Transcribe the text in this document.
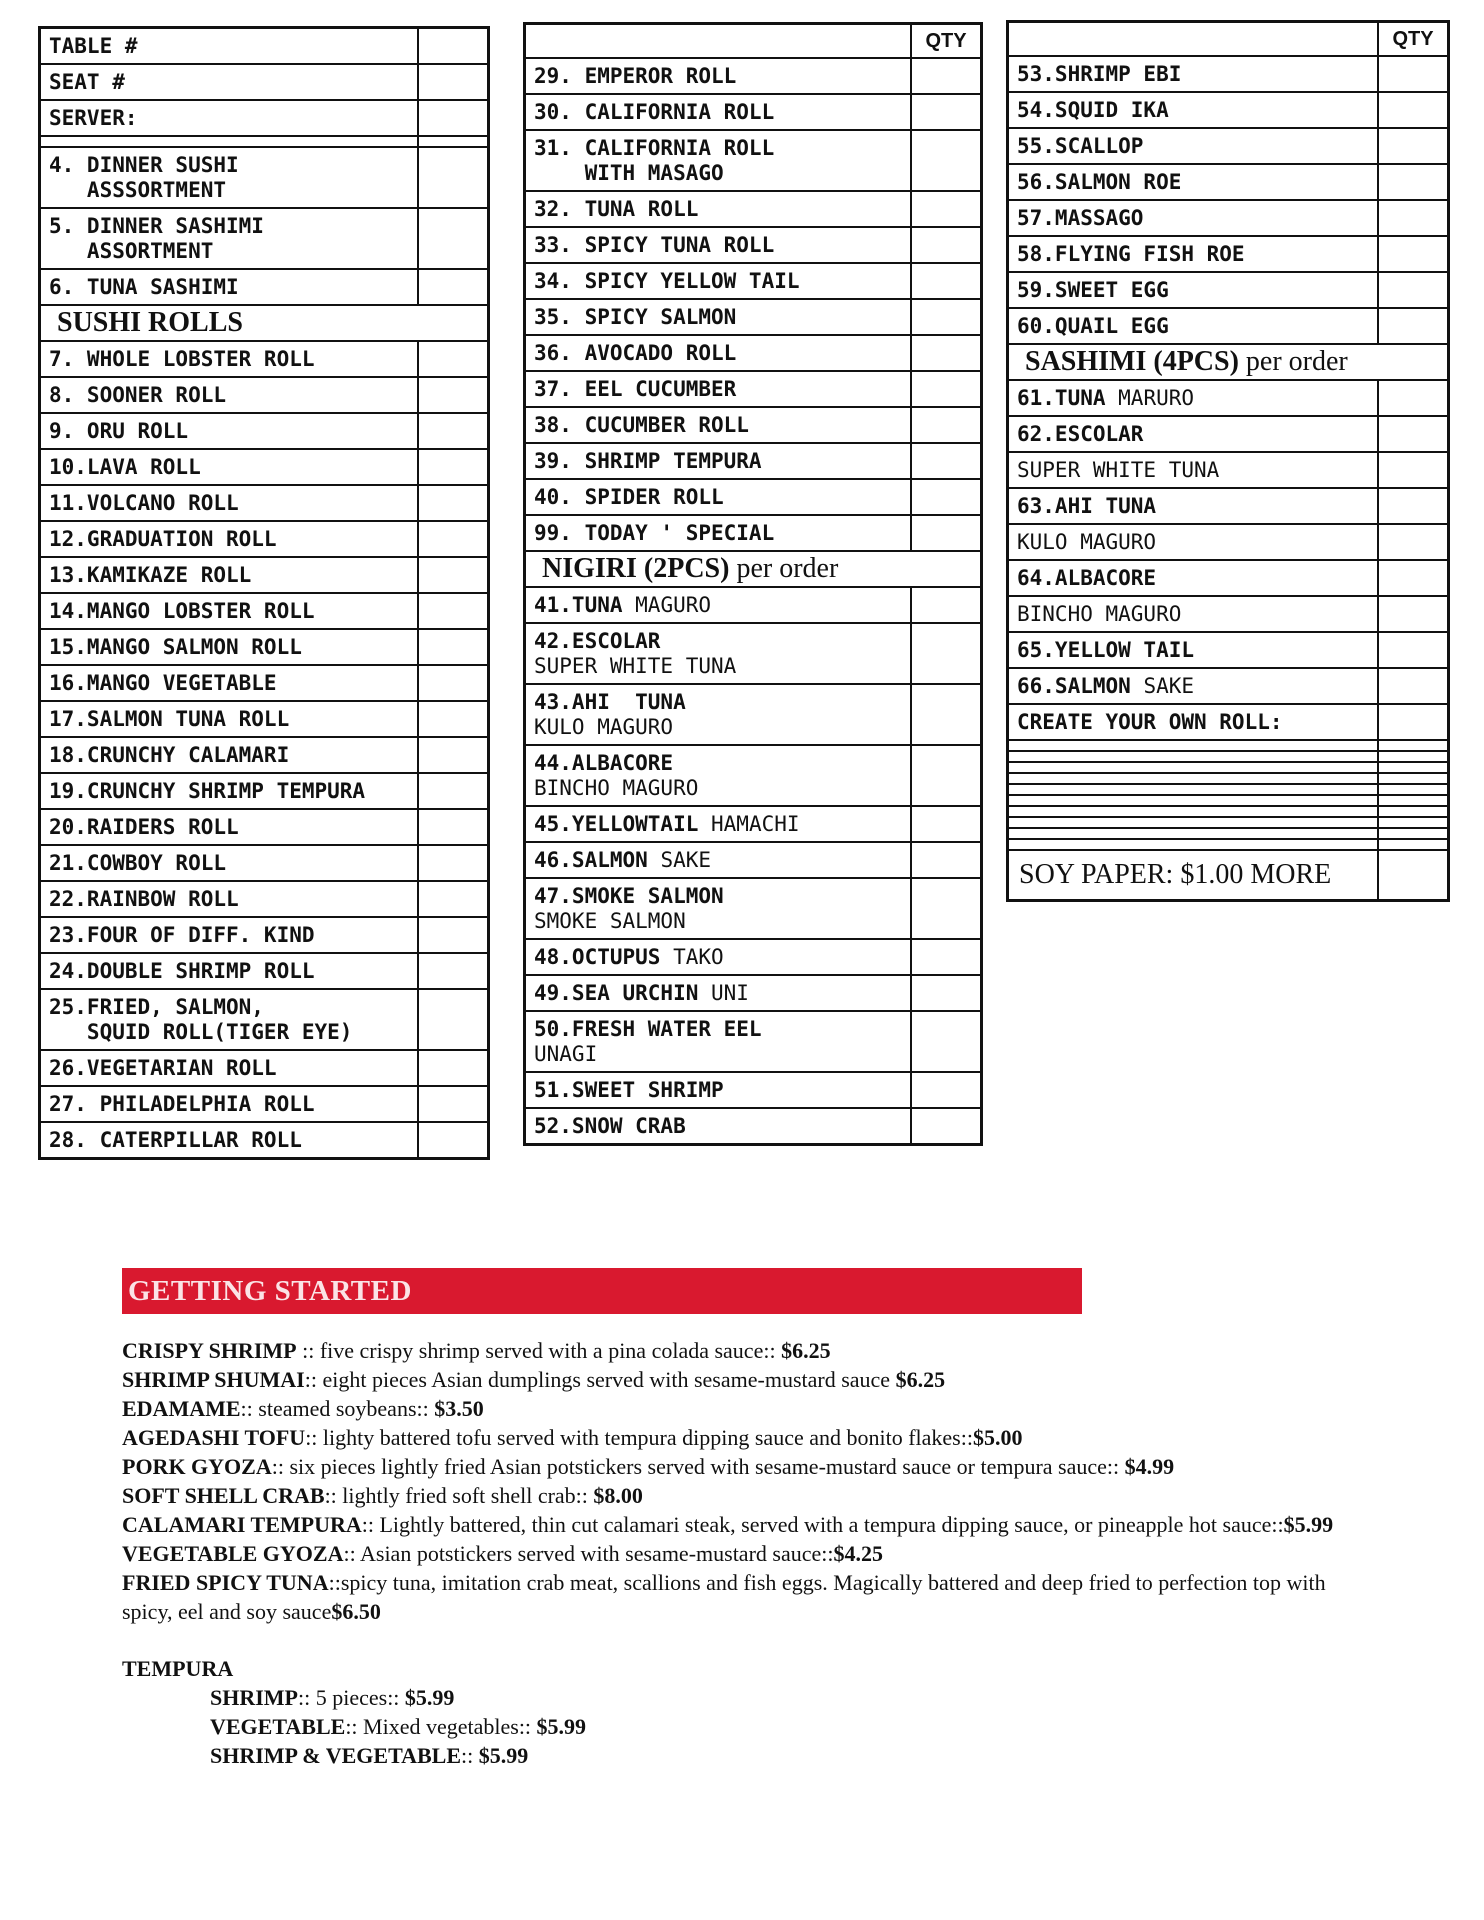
TABLE #
SEAT #
SERVER:
4. DINNER SUSHI
ASSSORTMENT
5. DINNER SASHIMI
ASSORTMENT
6. TUNA SASHIMI
SUSHI ROLLS
7. WHOLE LOBSTER ROLL
8. SOONER ROLL
9. ORU ROLL
10.LAVA ROLL
11.VOLCANO ROLL
12.GRADUATION ROLL
13.KAMIKAZE ROLL
14.MANGO LOBSTER ROLL
15.MANGO SALMON ROLL
16.MANGO VEGETABLE
17.SALMON TUNA ROLL
18.CRUNCHY CALAMARI
19.CRUNCHY SHRIMP TEMPURA
20.RAIDERS ROLL
21.COWBOY ROLL
22.RAINBOW ROLL
23.FOUR OF DIFF. KIND
24.DOUBLE SHRIMP ROLL
25.FRIED, SALMON,
SQUID ROLL(TIGER EYE)
26.VEGETARIAN ROLL
27. PHILADELPHIA ROLL
28. CATERPILLAR ROLL
QTY
29. EMPEROR ROLL
30. CALIFORNIA ROLL
31. CALIFORNIA ROLL
WITH MASAGO
32. TUNA ROLL
33. SPICY TUNA ROLL
34. SPICY YELLOW TAIL
35. SPICY SALMON
36. AVOCADO ROLL
37. EEL CUCUMBER
38. CUCUMBER ROLL
39. SHRIMP TEMPURA
40. SPIDER ROLL
99. TODAY ' SPECIAL
NIGIRI (2PCS) per order
41.TUNA MAGURO
42.ESCOLAR
SUPER WHITE TUNA
43.AHI  TUNA
KULO MAGURO
44.ALBACORE
BINCHO MAGURO
45.YELLOWTAIL HAMACHI
46.SALMON SAKE
47.SMOKE SALMON
SMOKE SALMON
48.OCTUPUS TAKO
49.SEA URCHIN UNI
50.FRESH WATER EEL
UNAGI
51.SWEET SHRIMP
52.SNOW CRAB
QTY
53.SHRIMP EBI
54.SQUID IKA
55.SCALLOP
56.SALMON ROE
57.MASSAGO
58.FLYING FISH ROE
59.SWEET EGG
60.QUAIL EGG
SASHIMI (4PCS) per order
61.TUNA MARURO
62.ESCOLAR
SUPER WHITE TUNA
63.AHI TUNA
KULO MAGURO
64.ALBACORE
BINCHO MAGURO
65.YELLOW TAIL
66.SALMON SAKE
CREATE YOUR OWN ROLL:
SOY PAPER: $1.00 MORE
GETTING STARTED
CRISPY SHRIMP :: five crispy shrimp served with a pina colada sauce:: $6.25
SHRIMP SHUMAI:: eight pieces Asian dumplings served with sesame-mustard sauce $6.25
EDAMAME:: steamed soybeans:: $3.50
AGEDASHI TOFU:: lighty battered tofu served with tempura dipping sauce and bonito flakes::$5.00
PORK GYOZA:: six pieces lightly fried Asian potstickers served with sesame-mustard sauce or tempura sauce:: $4.99
SOFT SHELL CRAB:: lightly fried soft shell crab:: $8.00
CALAMARI TEMPURA:: Lightly battered, thin cut calamari steak, served with a tempura dipping sauce, or pineapple hot sauce::$5.99
VEGETABLE GYOZA:: Asian potstickers served with sesame-mustard sauce::$4.25
FRIED SPICY TUNA::spicy tuna, imitation crab meat, scallions and fish eggs. Magically battered and deep fried to perfection top with spicy, eel and soy sauce$6.50
TEMPURA
SHRIMP:: 5 pieces:: $5.99
VEGETABLE:: Mixed vegetables:: $5.99
SHRIMP & VEGETABLE:: $5.99
